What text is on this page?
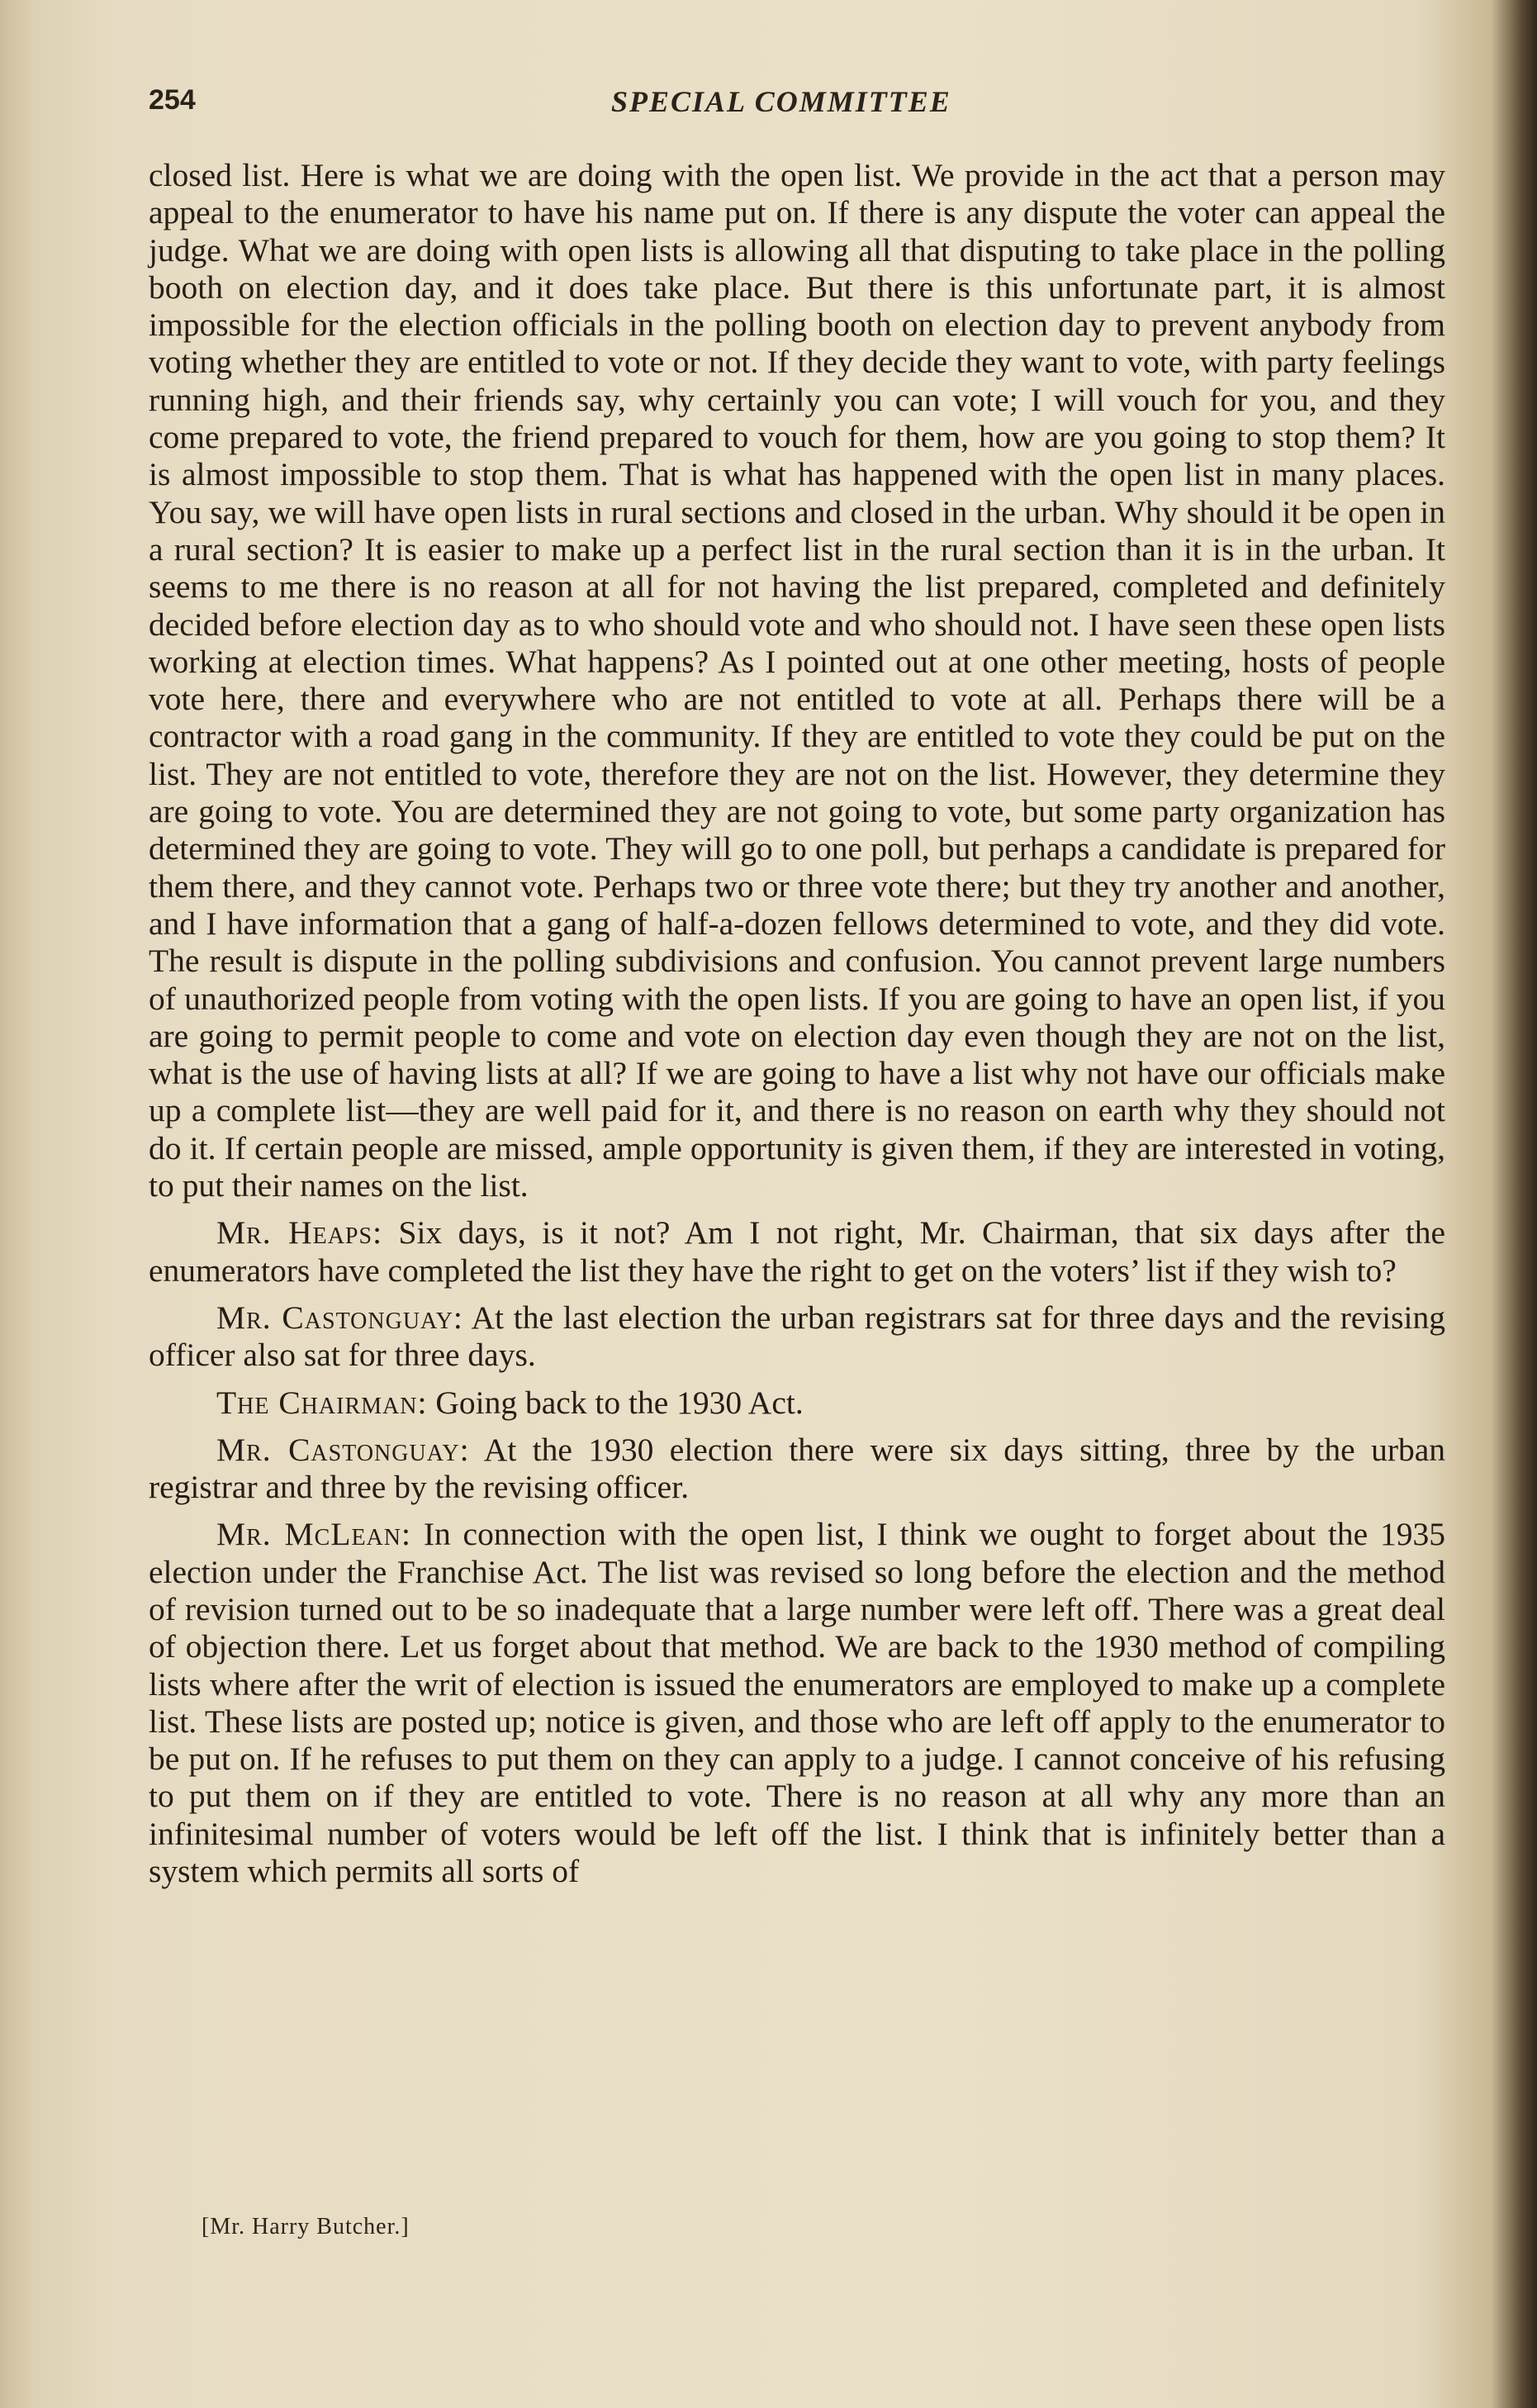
254	SPECIAL COMMITTEE

closed list. Here is what we are doing with the open list. We provide in the act that a person may appeal to the enumerator to have his name put on. If there is any dispute the voter can appeal the judge. What we are doing with open lists is allowing all that disputing to take place in the polling booth on election day, and it does take place. But there is this unfortunate part, it is almost impossible for the election officials in the polling booth on election day to prevent anybody from voting whether they are entitled to vote or not. If they decide they want to vote, with party feelings running high, and their friends say, why certainly you can vote; I will vouch for you, and they come prepared to vote, the friend prepared to vouch for them, how are you going to stop them? It is almost impossible to stop them. That is what has happened with the open list in many places. You say, we will have open lists in rural sections and closed in the urban. Why should it be open in a rural section? It is easier to make up a perfect list in the rural section than it is in the urban. It seems to me there is no reason at all for not having the list prepared, completed and definitely decided before election day as to who should vote and who should not. I have seen these open lists working at election times. What happens? As I pointed out at one other meeting, hosts of people vote here, there and everywhere who are not entitled to vote at all. Perhaps there will be a contractor with a road gang in the community. If they are entitled to vote they could be put on the list. They are not entitled to vote, therefore they are not on the list. However, they determine they are going to vote. You are determined they are not going to vote, but some party organization has determined they are going to vote. They will go to one poll, but perhaps a candidate is prepared for them there, and they cannot vote. Perhaps two or three vote there; but they try another and another, and I have information that a gang of half-a-dozen fellows determined to vote, and they did vote. The result is dispute in the polling subdivisions and confusion. You cannot prevent large numbers of unauthorized people from voting with the open lists. If you are going to have an open list, if you are going to permit people to come and vote on election day even though they are not on the list, what is the use of having lists at all? If we are going to have a list why not have our officials make up a complete list—they are well paid for it, and there is no reason on earth why they should not do it. If certain people are missed, ample opportunity is given them, if they are interested in voting, to put their names on the list.

Mr. Heaps: Six days, is it not? Am I not right, Mr. Chairman, that six days after the enumerators have completed the list they have the right to get on the voters’ list if they wish to?

Mr. Castonguay: At the last election the urban registrars sat for three days and the revising officer also sat for three days.

The Chairman: Going back to the 1930 Act.

Mr. Castonguay: At the 1930 election there were six days sitting, three by the urban registrar and three by the revising officer.

Mr. McLean: In connection with the open list, I think we ought to forget about the 1935 election under the Franchise Act. The list was revised so long before the election and the method of revision turned out to be so inadequate that a large number were left off. There was a great deal of objection there. Let us forget about that method. We are back to the 1930 method of compiling lists where after the writ of election is issued the enumerators are employed to make up a complete list. These lists are posted up; notice is given, and those who are left off apply to the enumerator to be put on. If he refuses to put them on they can apply to a judge. I cannot conceive of his refusing to put them on if they are entitled to vote. There is no reason at all why any more than an infinitesimal number of voters would be left off the list. I think that is infinitely better than a system which permits all sorts of

[Mr. Harry Butcher.]
